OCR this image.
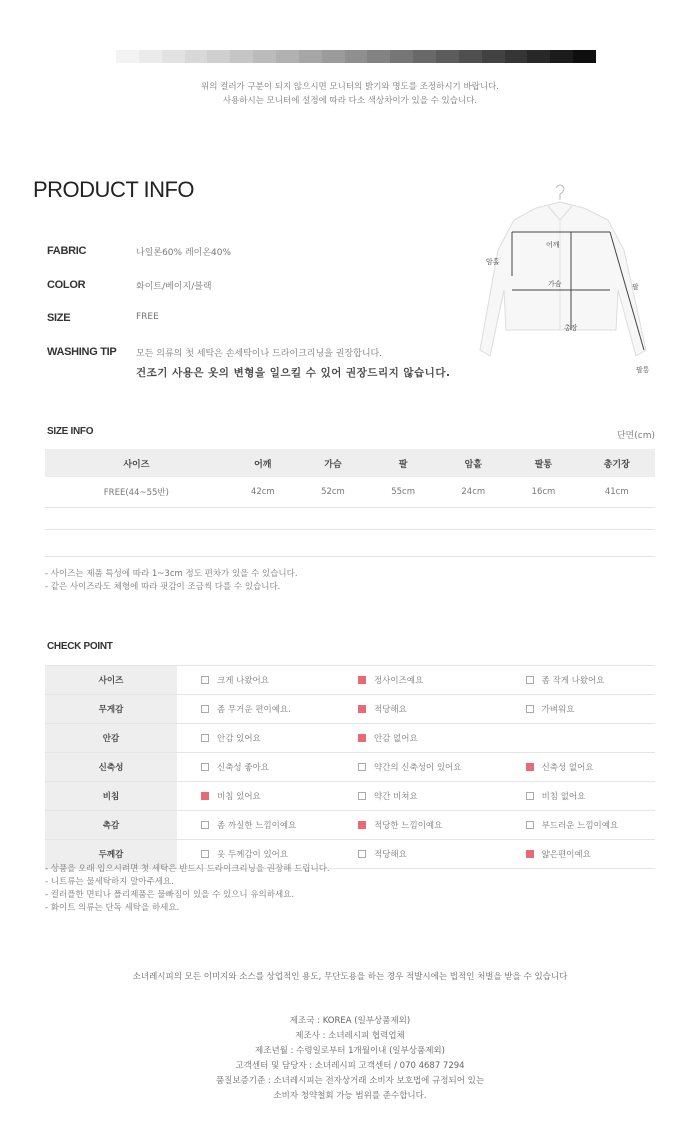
위의 컬러가 구분이 되지 않으시면 모니터의 밝기와 명도를 조정하시기 바랍니다.
사용하시는 모니터에 설정에 따라 다소 색상차이가 있을 수 있습니다.
PRODUCT INFO
FABRIC	나일론60% 레이온40%
COLOR	화이트/베이지/블랙
SIZE	FREE
WASHING TIP	모든 의류의 첫 세탁은 손세탁이나 드라이크리닝을 권장합니다.
건조기 사용은 옷의 변형을 일으킬 수 있어 권장드리지 않습니다.
어깨
암홀
가슴	팔
총장
팔통
SIZE INFO	단면(cm)
사이즈	어깨	가슴	팔	암홀	팔통	총기장
FREE(44~55반)	42cm	52cm	55cm	24cm	16cm	41cm
- 사이즈는 제품 특성에 따라 1~3cm 정도 편차가 있을 수 있습니다.
- 같은 사이즈라도 체형에 따라 핏감이 조금씩 다를 수 있습니다.
CHECK POINT
사이즈	크게 나왔어요	정사이즈예요	좀 작게 나왔어요
무게감	좀 무거운 편이예요.	적당해요	가벼워요
안감	안감 있어요	안감 없어요	
신축성	신축성 좋아요	약간의 신축성이 있어요	신축성 없어요
비침	비침 있어요	약간 비쳐요	비침 없어요
촉감	좀 까실한 느낌이예요	적당한 느낌이예요	부드러운 느낌이예요
두께감	옷 두께감이 있어요	적당해요	얇은편이예요
- 상품을 오래 입으시려면 첫 세탁은 반드시 드라이크리닝을 권장해 드립니다.
- 니트류는 물세탁하지 말아주세요.
- 컬러플한 면티나 폴리제품은 물빠짐이 있을 수 있으니 유의하세요.
- 화이트 의류는 단독 세탁을 하세요.
소녀레시피의 모든 이미지와 소스를 상업적인 용도, 무단도용을 하는 경우 적발시에는 법적인 처벌을 받을 수 있습니다
제조국 : KOREA (일부상품제외)
제조사 : 소녀레시피 협력업체
제조년월 : 수령일로부터 1개월이내 (일부상품제외)
고객센터 및 담당자 : 소녀레시피 고객센터 / 070 4687 7294
품질보증기준 : 소녀레시피는 전자상거래 소비자 보호법에 규정되어 있는
소비자 청약철회 가능 범위를 준수합니다.
